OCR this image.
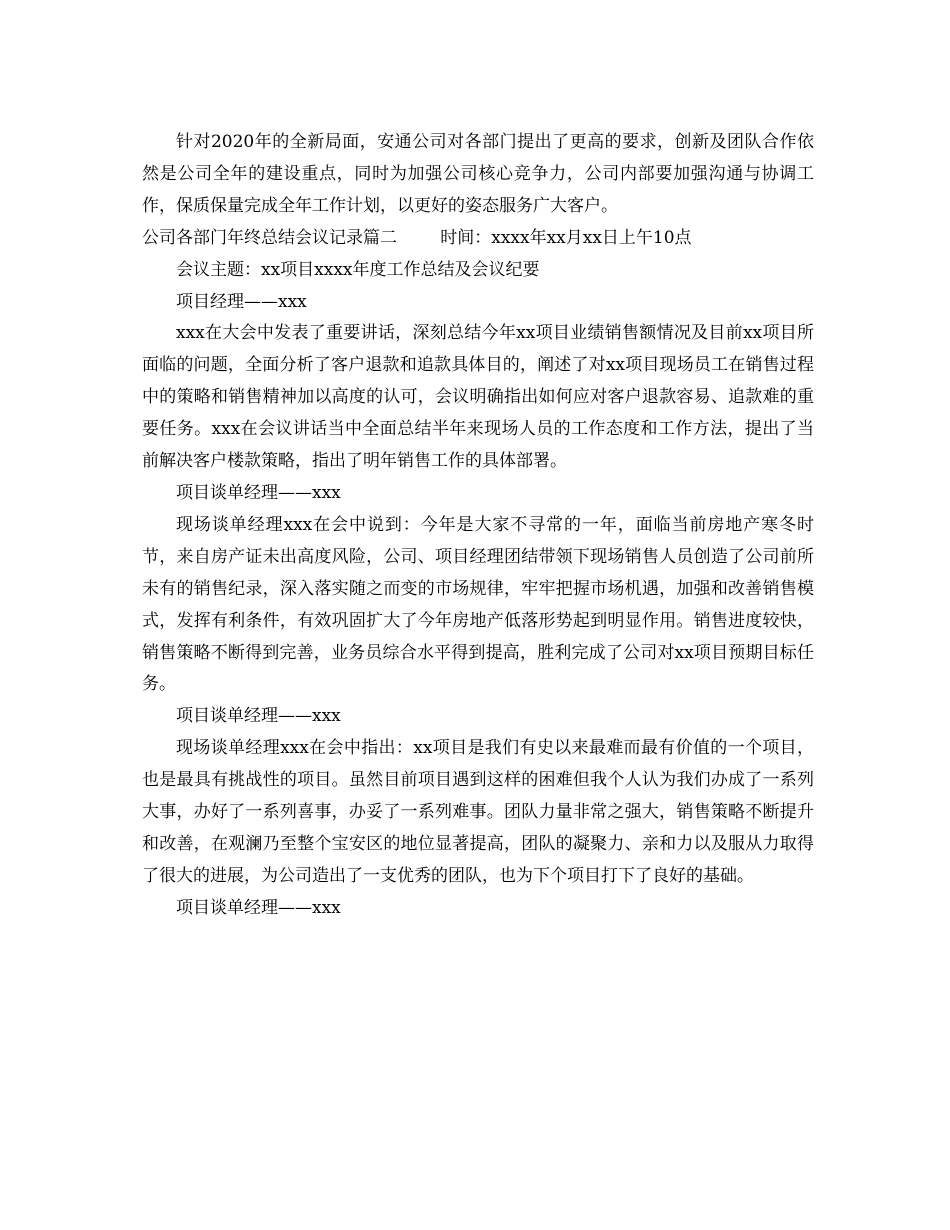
针对2020年的全新局面，安通公司对各部门提出了更高的要求，创新及团队合作依然是公司全年的建设重点，同时为加强公司核心竞争力，公司内部要加强沟通与协调工作，保质保量完成全年工作计划，以更好的姿态服务广大客户。

公司各部门年终总结会议记录篇二        时间：xxxx年xx月xx日上午10点

会议主题：xx项目xxxx年度工作总结及会议纪要

项目经理——xxx

xxx在大会中发表了重要讲话，深刻总结今年xx项目业绩销售额情况及目前xx项目所面临的问题，全面分析了客户退款和追款具体目的，阐述了对xx项目现场员工在销售过程中的策略和销售精神加以高度的认可，会议明确指出如何应对客户退款容易、追款难的重要任务。xxx在会议讲话当中全面总结半年来现场人员的工作态度和工作方法，提出了当前解决客户楼款策略，指出了明年销售工作的具体部署。

项目谈单经理——xxx

现场谈单经理xxx在会中说到：今年是大家不寻常的一年，面临当前房地产寒冬时节，来自房产证未出高度风险，公司、项目经理团结带领下现场销售人员创造了公司前所未有的销售纪录，深入落实随之而变的市场规律，牢牢把握市场机遇，加强和改善销售模式，发挥有利条件，有效巩固扩大了今年房地产低落形势起到明显作用。销售进度较快，销售策略不断得到完善，业务员综合水平得到提高，胜利完成了公司对xx项目预期目标任务。

项目谈单经理——xxx

现场谈单经理xxx在会中指出：xx项目是我们有史以来最难而最有价值的一个项目，也是最具有挑战性的项目。虽然目前项目遇到这样的困难但我个人认为我们办成了一系列大事，办好了一系列喜事，办妥了一系列难事。团队力量非常之强大，销售策略不断提升和改善，在观澜乃至整个宝安区的地位显著提高，团队的凝聚力、亲和力以及服从力取得了很大的进展，为公司造出了一支优秀的团队，也为下个项目打下了良好的基础。

项目谈单经理——xxx
